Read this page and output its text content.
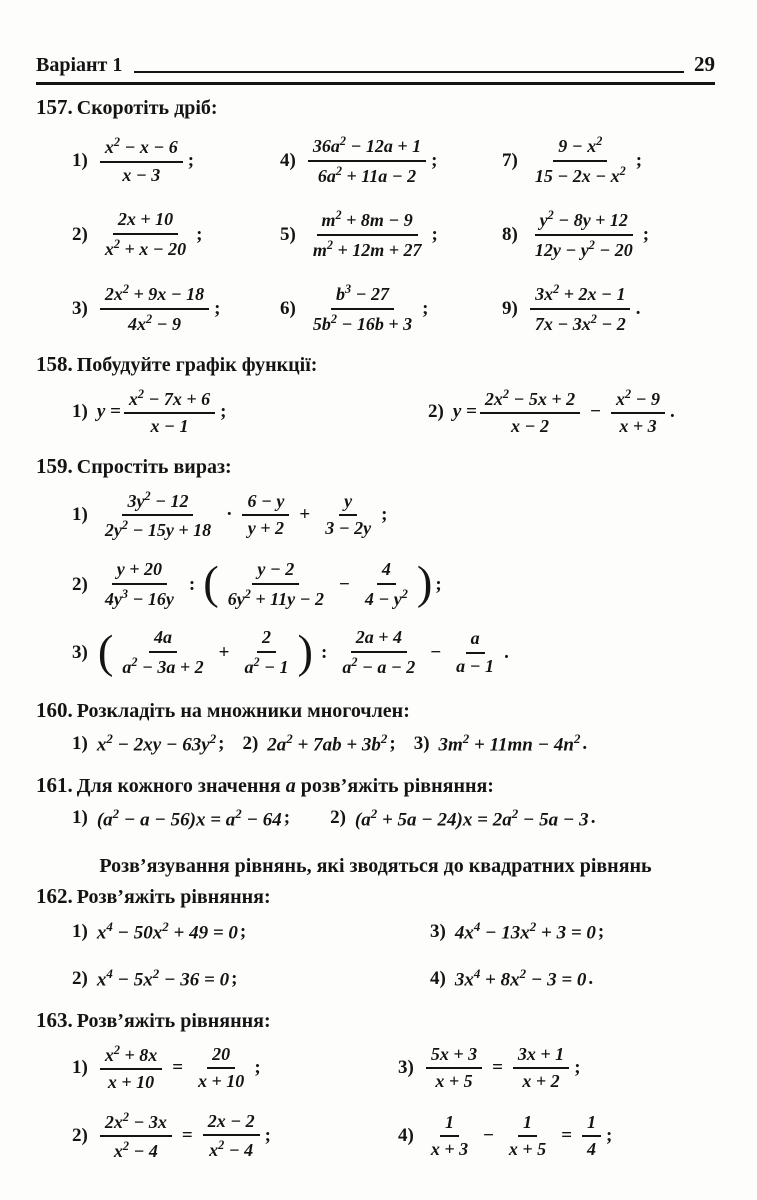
Варіант 1	29

157. Скоротіть дріб:

$1) \frac{x^2 - x - 6}{x - 3}$ ;
$2) \frac{2x + 10}{x^2 + x - 20}$ ;
$3) \frac{2x^2 + 9x - 18}{4x^2 - 9}$ ;
$4) \frac{36a^2 - 12a + 1}{6a^2 + 11a - 2}$ ;
$5) \frac{m^2 + 8m - 9}{m^2 + 12m + 27}$ ;
$6) \frac{b^3 - 27}{5b^2 - 16b + 3}$ ;
$7) \frac{9 - x^2}{15 - 2x - x^2}$ ;
$8) \frac{y^2 - 8y + 12}{12y - y^2 - 20}$ ;
$9) \frac{3x^2 + 2x - 1}{7x - 3x^2 - 2}$ .

158. Побудуйте графік функції:

1) $y = \frac{x^2 - 7x + 6}{x - 1}$ ;	2) $y = \frac{2x^2 - 5x + 2}{x - 2} - \frac{x^2 - 9}{x + 3}$ .

159. Спростіть вираз:

$1) \frac{3y^2 - 12}{2y^2 - 15y + 18} \cdot \frac{6 - y}{y + 2} + \frac{y}{3 - 2y}$ ;
$2) \frac{y + 20}{4y^3 - 16y}$ : ( $\frac{y - 2}{6y^2 + 11y - 2} - \frac{4}{4 - y^2}$ ) ;
3) ( $\frac{4a}{a^2 - 3a + 2} + \frac{2}{a^2 - 1}$ ) : $\frac{2a + 4}{a^2 - a - 2} - \frac{a}{a - 1}$ .

160. Розкладіть на множники многочлен:

1) $x^2 - 2xy - 63y^2$ ; 2) $2a^2 + 7ab + 3b^2$ ; 3) $3m^2 + 11mn - 4n^2$ .

161. Для кожного значення a розв’яжіть рівняння:

1) $(a^2 - a - 56)x = a^2 - 64$ ; 2) $(a^2 + 5a - 24)x = 2a^2 - 5a - 3$ .

Розв’язування рівнянь, які зводяться до квадратних рівнянь

162. Розв’яжіть рівняння:

1) $x^4 - 50x^2 + 49 = 0$ ;
2) $x^4 - 5x^2 - 36 = 0$ ;
3) $4x^4 - 13x^2 + 3 = 0$ ;
4) $3x^4 + 8x^2 - 3 = 0$ .

163. Розв’яжіть рівняння:

$1) \frac{x^2 + 8x}{x + 10} = \frac{20}{x + 10}$ ;
$2) \frac{2x^2 - 3x}{x^2 - 4} = \frac{2x - 2}{x^2 - 4}$ ;
$3) \frac{5x + 3}{x + 5} = \frac{3x + 1}{x + 2}$ ;
$4) \frac{1}{x + 3} - \frac{1}{x + 5} = \frac{1}{4}$ ;
